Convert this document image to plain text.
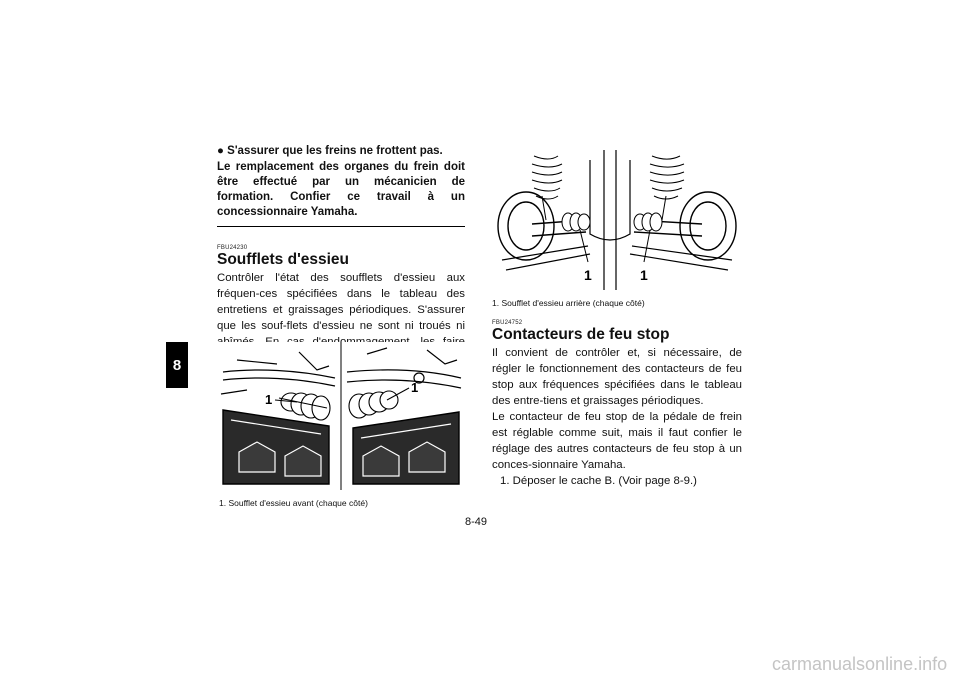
8
● S'assurer que les freins ne frottent pas.
Le remplacement des organes du frein doit être effectué par un mécanicien de formation. Confier ce travail à un concessionnaire Yamaha.
FBU24230
Soufflets d'essieu
Contrôler l'état des soufflets d'essieu aux fréquen-ces spécifiées dans le tableau des entretiens et graissages périodiques. S'assurer que les souf-flets d'essieu ne sont ni troués ni
1
1
1. Soufflet d'essieu avant (chaque côté)
1	1
1. Soufflet d'essieu arrière (chaque côté)
FBU24752
Contacteurs de feu stop
Il convient de contrôler et, si nécessaire, de régler le fonctionnement des contacteurs de feu stop aux fréquences spécifiées dans le tableau des entre-tiens et graissages périodiques.
Le contacteur de feu stop de la pédale de frein est réglable comme suit, mais il faut confier le réglage des autres contacteurs de feu stop à un conces-sionnaire Yamaha.
1. Déposer le cache B. (Voir page 8-9.)
8-49
carmanualsonline.info
